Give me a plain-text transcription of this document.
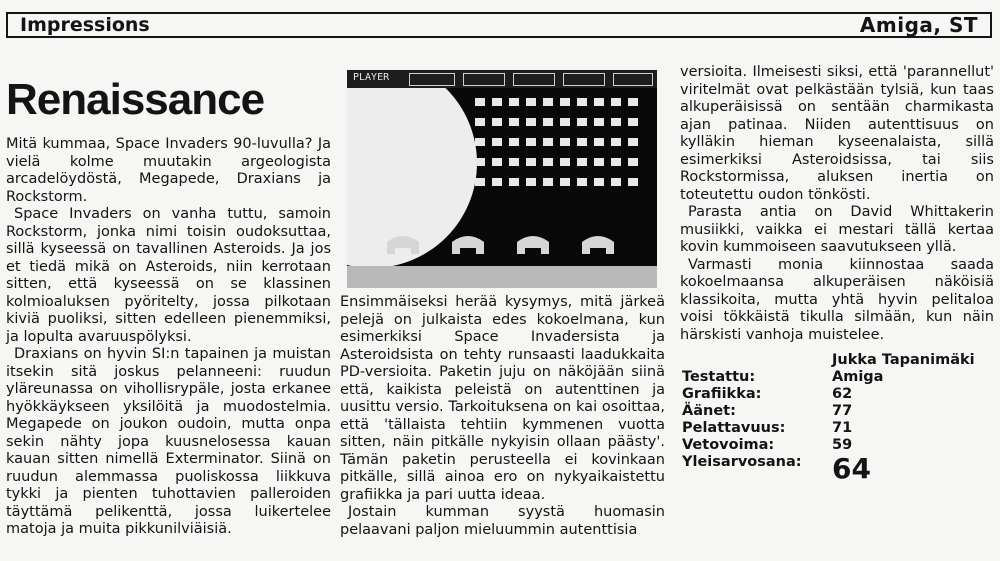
Impressions	Amiga, ST
Renaissance

Mitä kummaa, Space Invaders 90-luvulla? Ja vielä kolme muutakin argeologista arcadelöydöstä, Megapede, Draxians ja Rockstorm.

Space Invaders on vanha tuttu, samoin Rockstorm, jonka nimi toisin oudoksuttaa, sillä kyseessä on tavallinen Asteroids. Ja jos et tiedä mikä on Asteroids, niin kerrotaan sitten, että kyseessä on se klassinen kolmioaluksen pyöritelty, jossa pilkotaan kiviä puoliksi, sitten edelleen pienemmiksi, ja lopulta avaruuspölyksi.

Draxians on hyvin SI:n tapainen ja muistan itsekin sitä joskus pelanneeni: ruudun yläreunassa on vihollisrypäle, josta erkanee hyökkäykseen yksilöitä ja muodostelmia. Megapede on joukon oudoin, mutta onpa sekin nähty jopa kuusnelosessa kauan kauan sitten nimellä Exterminator. Siinä on ruudun alemmassa puoliskossa liikkuva tykki ja pienten tuhottavien palleroiden täyttämä pelikenttä, jossa luikertelee matoja ja muita pikkunilviäisiä.

PLAYER

Ensimmäiseksi herää kysymys, mitä järkeä pelejä on julkaista edes kokoelmana, kun esimerkiksi Space Invadersista ja Asteroidsista on tehty runsaasti laadukkaita PD-versioita. Paketin juju on näköjään siinä että, kaikista peleistä on autenttinen ja uusittu versio. Tarkoituksena on kai osoittaa, että 'tällaista tehtiin kymmenen vuotta sitten, näin pitkälle nykyisin ollaan päästy'. Tämän paketin perusteella ei kovinkaan pitkälle, sillä ainoa ero on nykyaikaistettu grafiikka ja pari uutta ideaa.

Jostain kumman syystä huomasin pelaavani paljon mieluummin autenttisia

versioita. Ilmeisesti siksi, että 'parannellut' viritelmät ovat pelkästään tylsiä, kun taas alkuperäisissä on sentään charmikasta ajan patinaa. Niiden autenttisuus on kylläkin hieman kyseenalaista, sillä esimerkiksi Asteroidsissa, tai siis Rockstormissa, aluksen inertia on toteutettu oudon tönkösti.

Parasta antia on David Whittakerin musiikki, vaikka ei mestari tällä kertaa kovin kummoiseen saavutukseen yllä.

Varmasti monia kiinnostaa saada kokoelmaansa alkuperäisen näköisiä klassikoita, mutta yhtä hyvin pelitaloa voisi tökkäistä tikulla silmään, kun näin härskisti vanhoja muistelee.

Jukka Tapanimäki
Testattu:	Amiga
Grafiikka:	62
Äänet:	77
Pelattavuus:	71
Vetovoima:	59
Yleisarvosana: 64
